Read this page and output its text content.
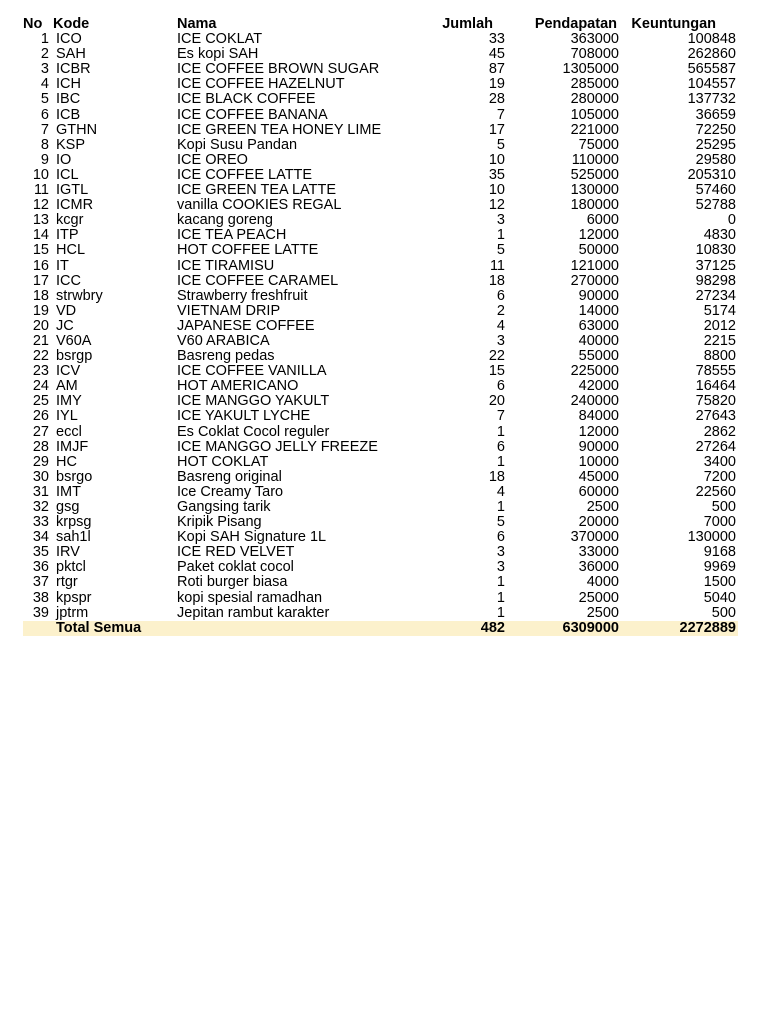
No	Kode	Nama	Jumlah	Pendapatan	Keuntungan
1	ICO	ICE COKLAT	33	363000	100848
2	SAH	Es kopi SAH	45	708000	262860
3	ICBR	ICE COFFEE BROWN SUGAR	87	1305000	565587
4	ICH	ICE COFFEE HAZELNUT	19	285000	104557
5	IBC	ICE BLACK COFFEE	28	280000	137732
6	ICB	ICE COFFEE BANANA	7	105000	36659
7	GTHN	ICE GREEN TEA HONEY LIME	17	221000	72250
8	KSP	Kopi Susu Pandan	5	75000	25295
9	IO	ICE OREO	10	110000	29580
10	ICL	ICE COFFEE LATTE	35	525000	205310
11	IGTL	ICE GREEN TEA LATTE	10	130000	57460
12	ICMR	vanilla COOKIES REGAL	12	180000	52788
13	kcgr	kacang goreng	3	6000	0
14	ITP	ICE TEA PEACH	1	12000	4830
15	HCL	HOT COFFEE LATTE	5	50000	10830
16	IT	ICE TIRAMISU	11	121000	37125
17	ICC	ICE COFFEE CARAMEL	18	270000	98298
18	strwbry	Strawberry freshfruit	6	90000	27234
19	VD	VIETNAM DRIP	2	14000	5174
20	JC	JAPANESE COFFEE	4	63000	2012
21	V60A	V60 ARABICA	3	40000	2215
22	bsrgp	Basreng pedas	22	55000	8800
23	ICV	ICE COFFEE VANILLA	15	225000	78555
24	AM	HOT AMERICANO	6	42000	16464
25	IMY	ICE MANGGO YAKULT	20	240000	75820
26	IYL	ICE YAKULT LYCHE	7	84000	27643
27	eccl	Es Coklat Cocol reguler	1	12000	2862
28	IMJF	ICE MANGGO JELLY FREEZE	6	90000	27264
29	HC	HOT COKLAT	1	10000	3400
30	bsrgo	Basreng original	18	45000	7200
31	IMT	Ice Creamy Taro	4	60000	22560
32	gsg	Gangsing tarik	1	2500	500
33	krpsg	Kripik Pisang	5	20000	7000
34	sah1l	Kopi SAH Signature 1L	6	370000	130000
35	IRV	ICE RED VELVET	3	33000	9168
36	pktcl	Paket coklat cocol	3	36000	9969
37	rtgr	Roti burger biasa	1	4000	1500
38	kpspr	kopi spesial ramadhan	1	25000	5040
39	jptrm	Jepitan rambut karakter	1	2500	500
	Total Semua		482	6309000	2272889
